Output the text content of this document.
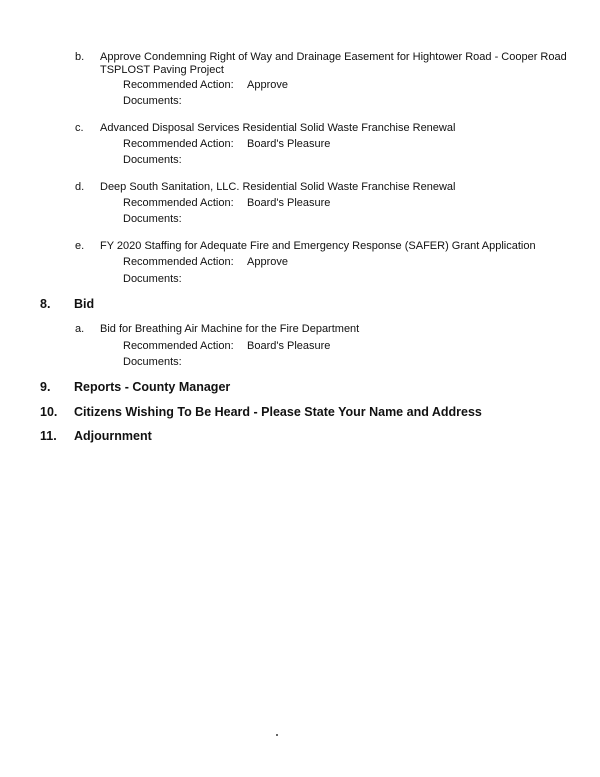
b. Approve Condemning Right of Way and Drainage Easement for Hightower Road - Cooper Road
TSPLOST Paving Project
Recommended Action: Approve
Documents:
c. Advanced Disposal Services Residential Solid Waste Franchise Renewal
Recommended Action: Board's Pleasure
Documents:
d. Deep South Sanitation, LLC. Residential Solid Waste Franchise Renewal
Recommended Action: Board's Pleasure
Documents:
e. FY 2020 Staffing for Adequate Fire and Emergency Response (SAFER) Grant Application
Recommended Action: Approve
Documents:
8. Bid
a. Bid for Breathing Air Machine for the Fire Department
Recommended Action: Board's Pleasure
Documents:
9. Reports - County Manager
10. Citizens Wishing To Be Heard - Please State Your Name and Address
11. Adjournment
